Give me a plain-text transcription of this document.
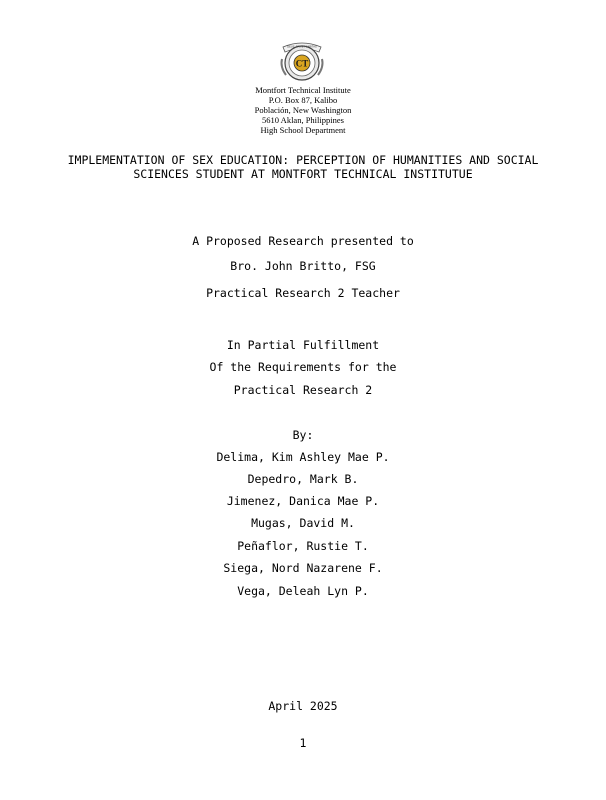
CT
DEUS, PAX ET CARITAS
Montfort Technical Institute
P.O. Box 87, Kalibo
Población, New Washington
5610 Aklan, Philippines
High School Department
IMPLEMENTATION OF SEX EDUCATION: PERCEPTION OF HUMANITIES AND SOCIAL
SCIENCES STUDENT AT MONTFORT TECHNICAL INSTITUTUE
A Proposed Research presented to
Bro. John Britto, FSG
Practical Research 2 Teacher
In Partial Fulfillment
Of the Requirements for the
Practical Research 2
By:
Delima, Kim Ashley Mae P.
Depedro, Mark B.
Jimenez, Danica Mae P.
Mugas, David M.
Peñaflor, Rustie T.
Siega, Nord Nazarene F.
Vega, Deleah Lyn P.
April 2025
1
